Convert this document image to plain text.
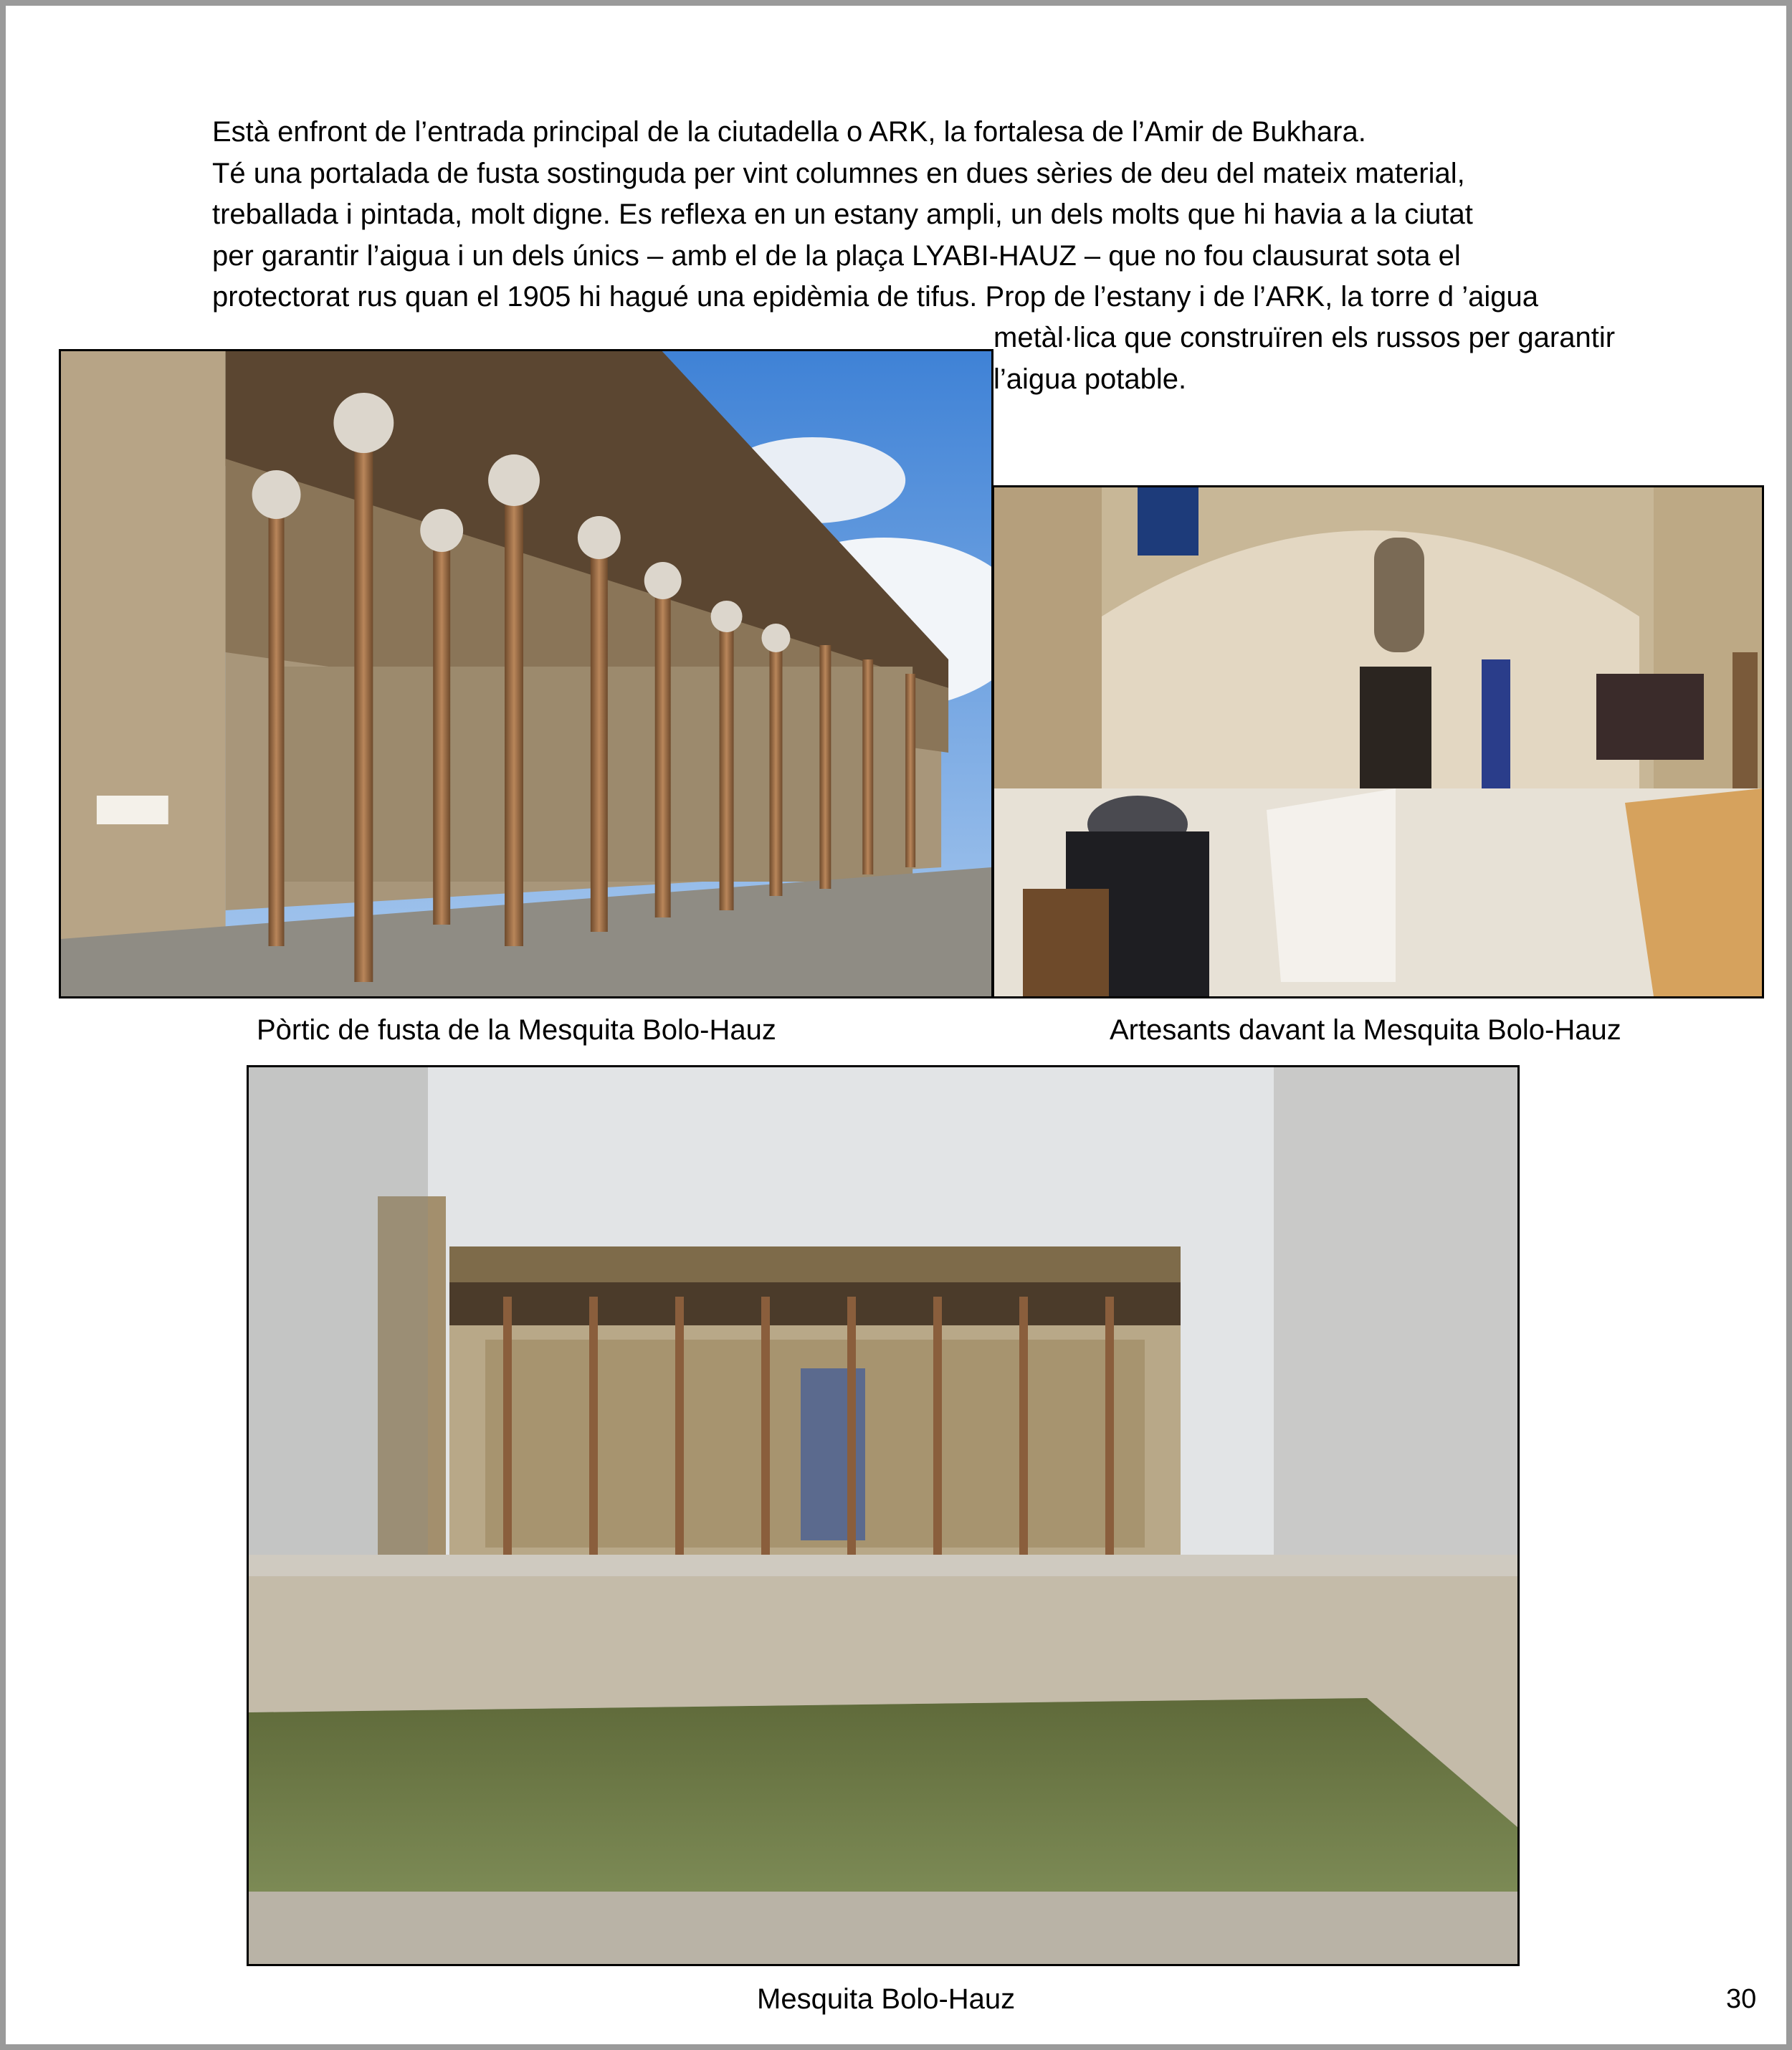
Està enfront de l’entrada principal de la ciutadella o ARK, la fortalesa de l’Amir de Bukhara.

Té una portalada de fusta sostinguda per vint columnes en dues sèries de deu del mateix material,

treballada i pintada, molt digne. Es reflexa en un estany ampli, un dels molts que hi havia a la ciutat

per garantir l’aigua i un dels únics – amb el de la plaça LYABI-HAUZ – que no fou clausurat sota el

protectorat rus quan el 1905 hi hagué una epidèmia de tifus. Prop de l’estany i de l’ARK, la torre d ’aigua

metàl·lica que construïren els russos per garantir

l’aigua potable.

Pòrtic de fusta de la Mesquita Bolo-Hauz	Artesants davant la Mesquita Bolo-Hauz
Mesquita Bolo-Hauz	30
